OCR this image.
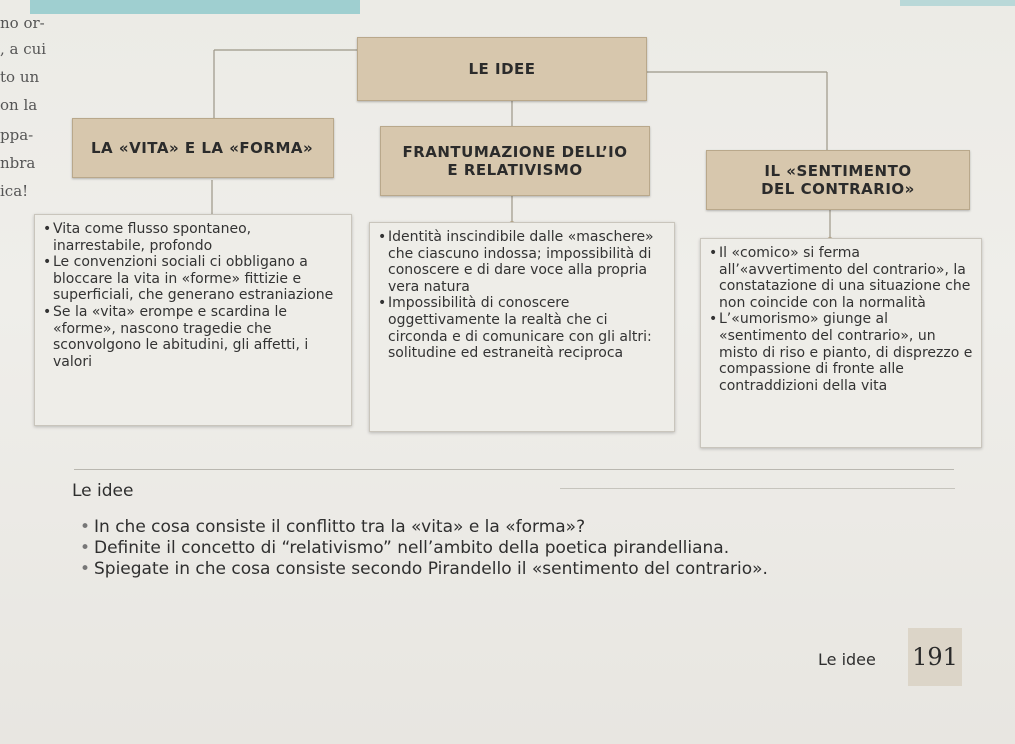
no or-
, a cui
to un
on la
ppa-
nbra
ica!
LE IDEE
LA «VITA» E LA «FORMA»	FRANTUMAZIONE DELL’IO
E RELATIVISMO	IL «SENTIMENTO
DEL CONTRARIO»
• Vita come flusso spontaneo, inarrestabile, profondo
• Le convenzioni sociali ci obbligano a bloccare la vita in «forme» fittizie e superficiali, che generano estraniazione
• Se la «vita» erompe e scardina le «forme», nascono tragedie che sconvolgono le abitudini, gli affetti, i valori
• Identità inscindibile dalle «maschere» che ciascuno indossa; impossibilità di conoscere e di dare voce alla propria vera natura
• Impossibilità di conoscere oggettivamente la realtà che ci circonda e di comunicare con gli altri: solitudine ed estraneità reciproca
• Il «comico» si ferma all’«avvertimento del contrario», la constatazione di una situazione che non coincide con la normalità
• L’«umorismo» giunge al «sentimento del contrario», un misto di riso e pianto, di disprezzo e compassione di fronte alle contraddizioni della vita
Le idee
• In che cosa consiste il conflitto tra la «vita» e la «forma»?
• Definite il concetto di “relativismo” nell’ambito della poetica pirandelliana.
• Spiegate in che cosa consiste secondo Pirandello il «sentimento del contrario».
Le idee 191
